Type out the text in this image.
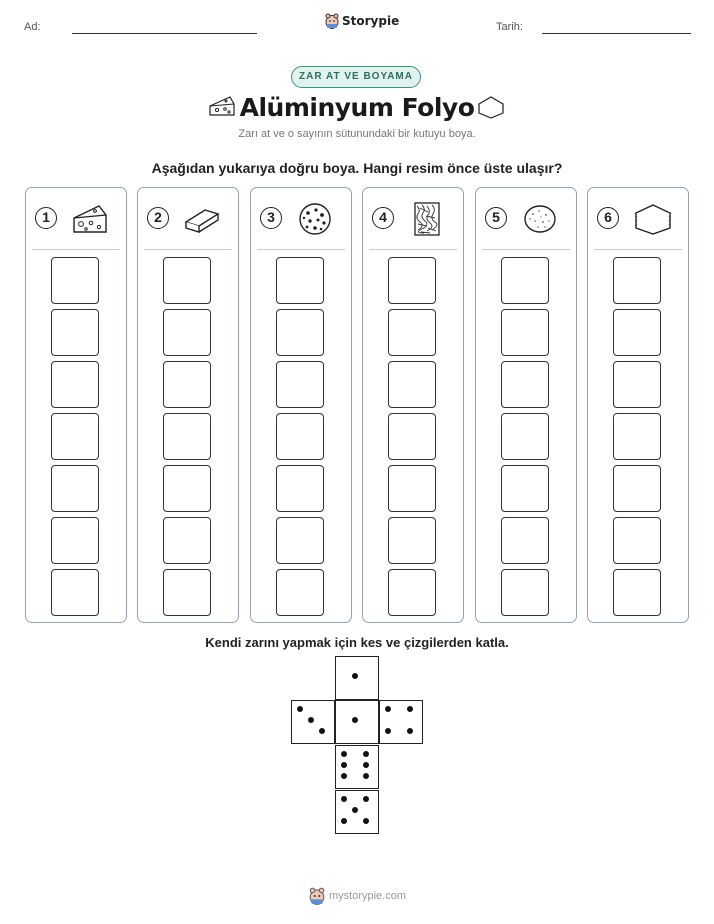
Ad:	Storypie	Tarih:
ZAR AT VE BOYAMA
Alüminyum Folyo
Zarı at ve o sayının sütunundaki bir kutuyu boya.
Aşağıdan yukarıya doğru boya. Hangi resim önce üste ulaşır?
1	2	3	4	5	6
Kendi zarını yapmak için kes ve çizgilerden katla.
mystorypie.com
